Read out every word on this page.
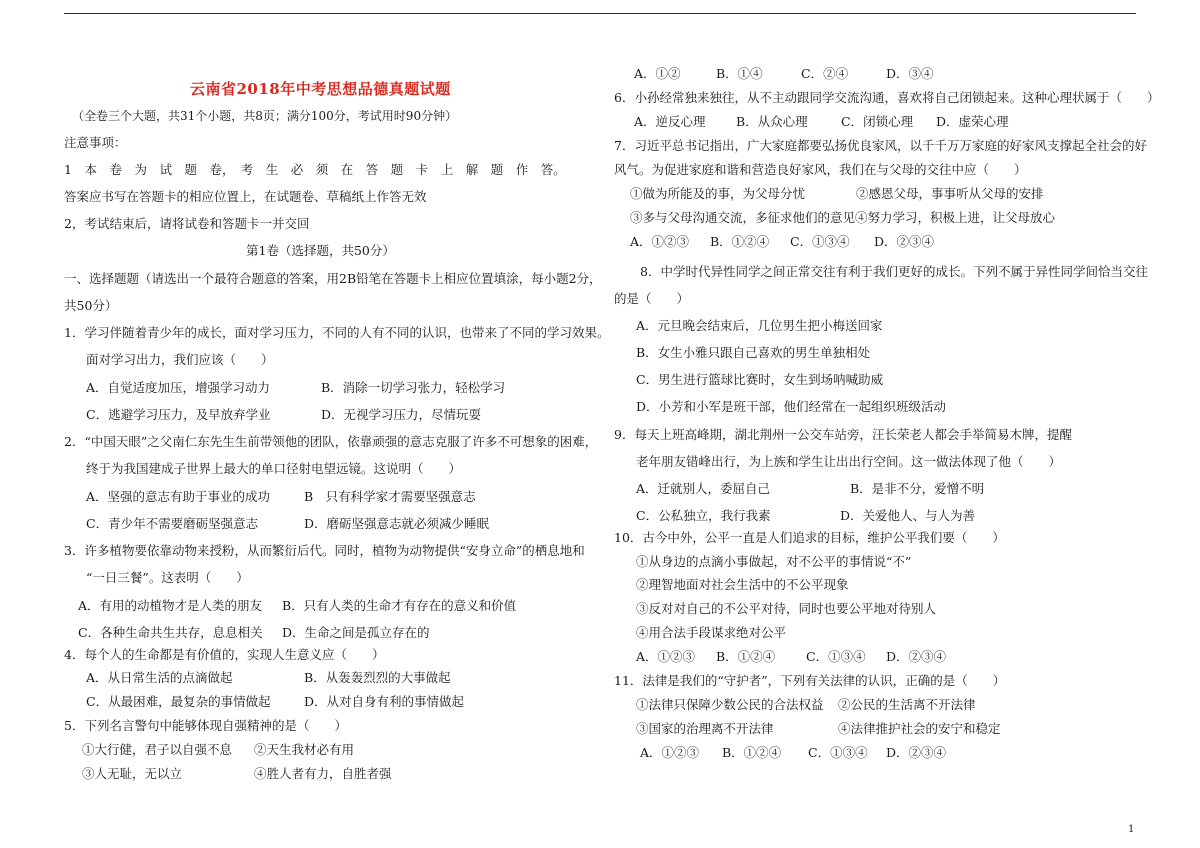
云南省2018年中考思想品德真题试题
（全卷三个大题，共31个小题，共8页；满分100分，考试用时90分钟）
注意事项：
1　本　卷　为　试　题　卷，　考　生　必　须　在　答　题　卡　上　解　题　作　答。
答案应书写在答题卡的相应位置上，在试题卷、草稿纸上作答无效
2，考试结束后，请将试卷和答题卡一并交回
第1卷（选择题，共50分）
一、选择题题（请选出一个最符合题意的答案，用2B铅笔在答题卡上相应位置填涂，每小题2分，
共50分）
1．学习伴随着青少年的成长，面对学习压力，不同的人有不同的认识，也带来了不同的学习效果。
面对学习出力，我们应该（　　）
A．自觉适度加压，增强学习动力	B．消除一切学习张力，轻松学习
C．逃避学习压力，及早放弃学业	D．无视学习压力，尽情玩耍
2．“中国天眼”之父南仁东先生生前带领他的团队，依靠顽强的意志克服了许多不可想象的困难，
终于为我国建成子世界上最大的单口径射电望远镜。这说明（　　）
A．坚强的意志有助于事业的成功	B　只有科学家才需要坚强意志
C．青少年不需要磨砺坚强意志	D．磨砺坚强意志就必须减少睡眠
3．许多植物要依靠动物来授粉，从而繁衍后代。同时，植物为动物提供“安身立命”的栖息地和
“一日三餐”。这表明（　　）
A．有用的动植物才是人类的朋友 B．只有人类的生命才有存在的意义和价值
C．各种生命共生共存，息息相关 D．生命之间是孤立存在的
4．每个人的生命都是有价值的，实现人生意义应（　　）
A．从日常生活的点滴做起	B．从轰轰烈烈的大事做起
C．从最困难，最复杂的事情做起	D．从对自身有利的事情做起
5．下列名言警句中能够体现自强精神的是（　　）
①大行健，君子以自强不息 ②天生我材必有用
③人无耻，无以立	④胜人者有力，自胜者强
A．①②	B．①④	C．②④	D．③④
6．小孙经常独来独往，从不主动跟同学交流沟通，喜欢将自己闭锁起来。这种心理状属于（　　）
A．逆反心理 B．从众心理	C．闭锁心理 D．虚荣心理
7．习近平总书记指出，广大家庭都要弘扬优良家风，以千千万万家庭的好家风支撑起全社会的好
风气。为促进家庭和谐和营造良好家风，我们在与父母的交往中应（　　）
①做为所能及的事，为父母分忧	②感恩父母，事事听从父母的安排
③多与父母沟通交流，多征求他们的意见④努力学习，积极上进，让父母放心
A．①②③ B．①②④ C．①③④ D．②③④
8．中学时代异性同学之间正常交往有利于我们更好的成长。下列不属于异性同学间恰当交往
的是（　　）
A．元旦晚会结束后，几位男生把小梅送回家
B．女生小雅只跟自己喜欢的男生单独相处
C．男生进行篮球比赛时，女生到场呐喊助威
D．小芳和小军是班干部，他们经常在一起组织班级活动
9．每天上班高峰期，湖北荆州一公交车站旁，汪长荣老人都会手举简易木牌，提醒
老年朋友错峰出行，为上族和学生让出出行空间。这一做法体现了他（　　）
A．迁就别人，委屈自己	B．是非不分，爱憎不明
C．公私独立，我行我素	D．关爱他人、与人为善
10．古今中外，公平一直是人们追求的目标，维护公平我们要（　　）
①从身边的点滴小事做起，对不公平的事情说“不”
②理智地面对社会生活中的不公平现象
③反对对自己的不公平对待，同时也要公平地对待别人
④用合法手段谋求绝对公平
A．①②③ B．①②④ C．①③④ D．②③④
11．法律是我们的“守护者”，下列有关法律的认识，正确的是（　　）
①法律只保障少数公民的合法权益 ②公民的生活离不开法律
③国家的治理离不开法律	④法律推护社会的安宁和稳定
A．①②③ B．①②④ C．①③④ D．②③④
1
